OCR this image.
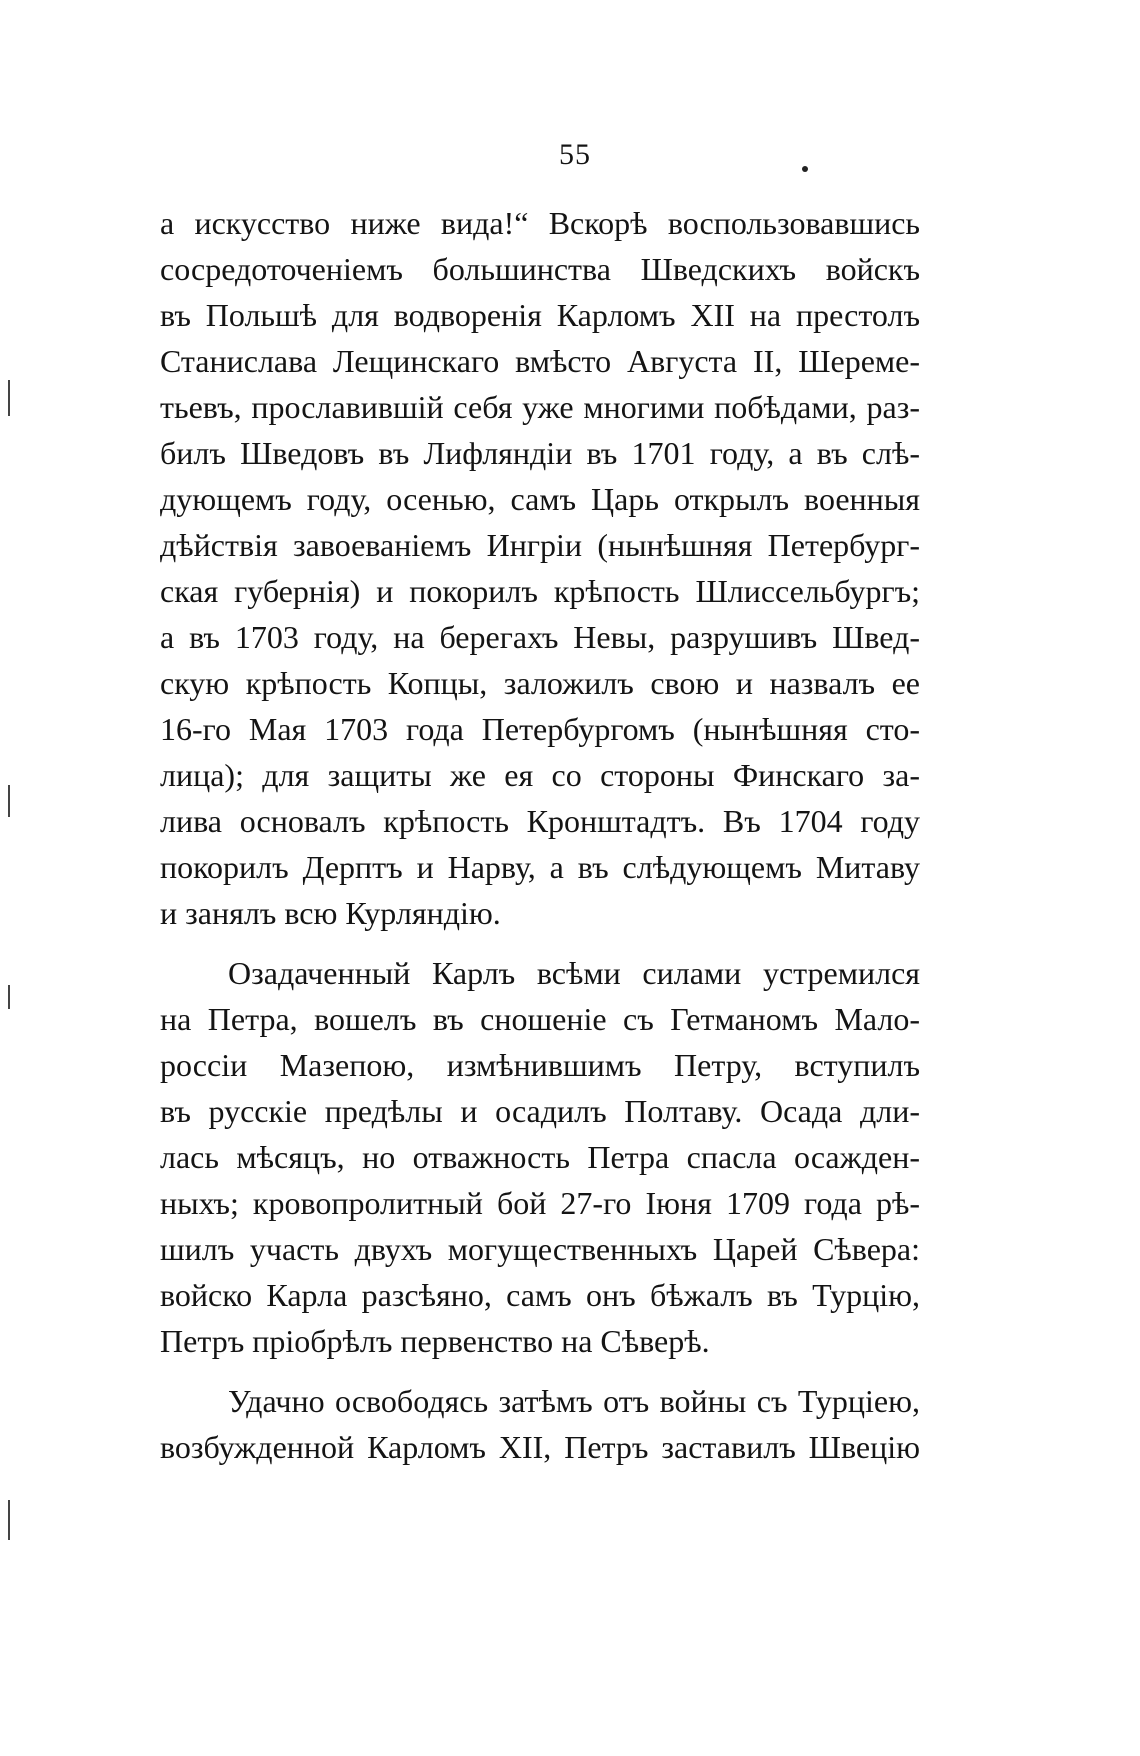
55
а искусство ниже вида!“ Вскорѣ воспользовавшись
сосредоточеніемъ большинства Шведскихъ войскъ
въ Польшѣ для водворенія Карломъ XII на престолъ
Станислава Лещинскаго вмѣсто Августа II, Шереме-
тьевъ, прославившій себя уже многими побѣдами, раз-
билъ Шведовъ въ Лифляндіи въ 1701 году, а въ слѣ-
дующемъ году, осенью, самъ Царь открылъ военныя
дѣйствія завоеваніемъ Ингріи (нынѣшняя Петербург-
ская губернія) и покорилъ крѣпость Шлиссельбургъ;
а въ 1703 году, на берегахъ Невы, разрушивъ Швед-
скую крѣпость Копцы, заложилъ свою и назвалъ ее
16-го Мая 1703 года Петербургомъ (нынѣшняя сто-
лица); для защиты же ея со стороны Финскаго за-
лива основалъ крѣпость Кронштадтъ. Въ 1704 году
покорилъ Дерптъ и Нарву, а въ слѣдующемъ Митаву
и занялъ всю Курляндію.
Озадаченный Карлъ всѣми силами устремился
на Петра, вошелъ въ сношеніе съ Гетманомъ Мало-
россіи Мазепою, измѣнившимъ Петру, вступилъ
въ русскіе предѣлы и осадилъ Полтаву. Осада дли-
лась мѣсяцъ, но отважность Петра спасла осажден-
ныхъ; кровопролитный бой 27-го Іюня 1709 года рѣ-
шилъ участь двухъ могущественныхъ Царей Сѣвера:
войско Карла разсѣяно, самъ онъ бѣжалъ въ Турцію,
Петръ пріобрѣлъ первенство на Сѣверѣ.
Удачно освободясь затѣмъ отъ войны съ Турціею,
возбужденной Карломъ XII, Петръ заставилъ Швецію
